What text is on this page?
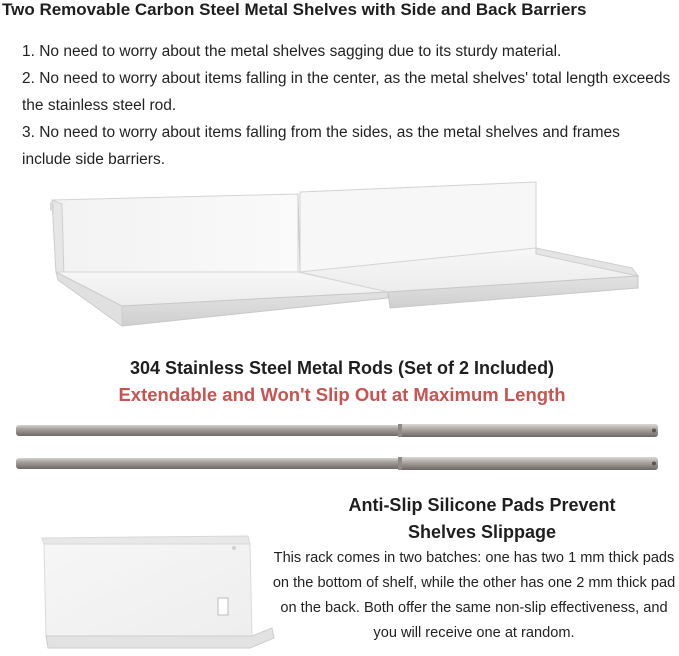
Two Removable Carbon Steel Metal Shelves with Side and Back Barriers

1. No need to worry about the metal shelves sagging due to its sturdy material.

2. No need to worry about items falling in the center, as the metal shelves' total length exceeds the stainless steel rod.

3. No need to worry about items falling from the sides, as the metal shelves and frames include side barriers.

304 Stainless Steel Metal Rods (Set of 2 Included)
Extendable and Won't Slip Out at Maximum Length
Anti-Slip Silicone Pads Prevent
Shelves Slippage
This rack comes in two batches: one has two 1 mm thick pads on the bottom of shelf, while the other has one 2 mm thick pad on the back. Both offer the same non-slip effectiveness, and you will receive one at random.
